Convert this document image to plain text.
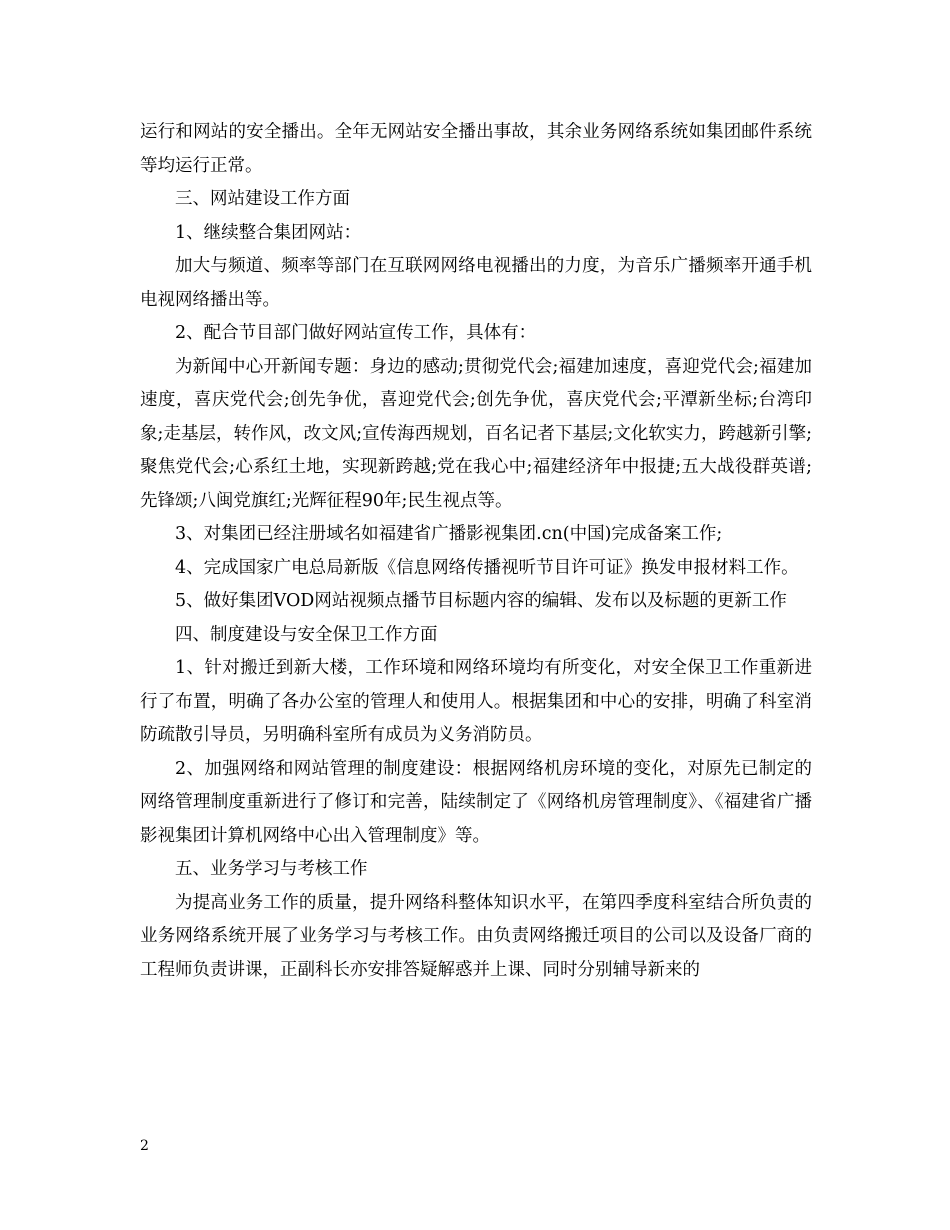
运行和网站的安全播出。全年无网站安全播出事故，其余业务网络系统如集团邮件系统等均运行正常。

三、网站建设工作方面

1、继续整合集团网站：

加大与频道、频率等部门在互联网网络电视播出的力度，为音乐广播频率开通手机电视网络播出等。

2、配合节目部门做好网站宣传工作，具体有：

为新闻中心开新闻专题：身边的感动;贯彻党代会;福建加速度，喜迎党代会;福建加速度，喜庆党代会;创先争优，喜迎党代会;创先争优，喜庆党代会;平潭新坐标;台湾印象;走基层，转作风，改文风;宣传海西规划，百名记者下基层;文化软实力，跨越新引擎;聚焦党代会;心系红土地，实现新跨越;党在我心中;福建经济年中报捷;五大战役群英谱;先锋颂;八闽党旗红;光辉征程90年;民生视点等。

3、对集团已经注册域名如福建省广播影视集团.cn(中国)完成备案工作;

4、完成国家广电总局新版《信息网络传播视听节目许可证》换发申报材料工作。

5、做好集团VOD网站视频点播节目标题内容的编辑、发布以及标题的更新工作

四、制度建设与安全保卫工作方面

1、针对搬迁到新大楼，工作环境和网络环境均有所变化，对安全保卫工作重新进行了布置，明确了各办公室的管理人和使用人。根据集团和中心的安排，明确了科室消防疏散引导员，另明确科室所有成员为义务消防员。

2、加强网络和网站管理的制度建设：根据网络机房环境的变化，对原先已制定的网络管理制度重新进行了修订和完善，陆续制定了《网络机房管理制度》、《福建省广播影视集团计算机网络中心出入管理制度》等。

五、业务学习与考核工作

为提高业务工作的质量，提升网络科整体知识水平，在第四季度科室结合所负责的业务网络系统开展了业务学习与考核工作。由负责网络搬迁项目的公司以及设备厂商的工程师负责讲课，正副科长亦安排答疑解惑并上课、同时分别辅导新来的

2
